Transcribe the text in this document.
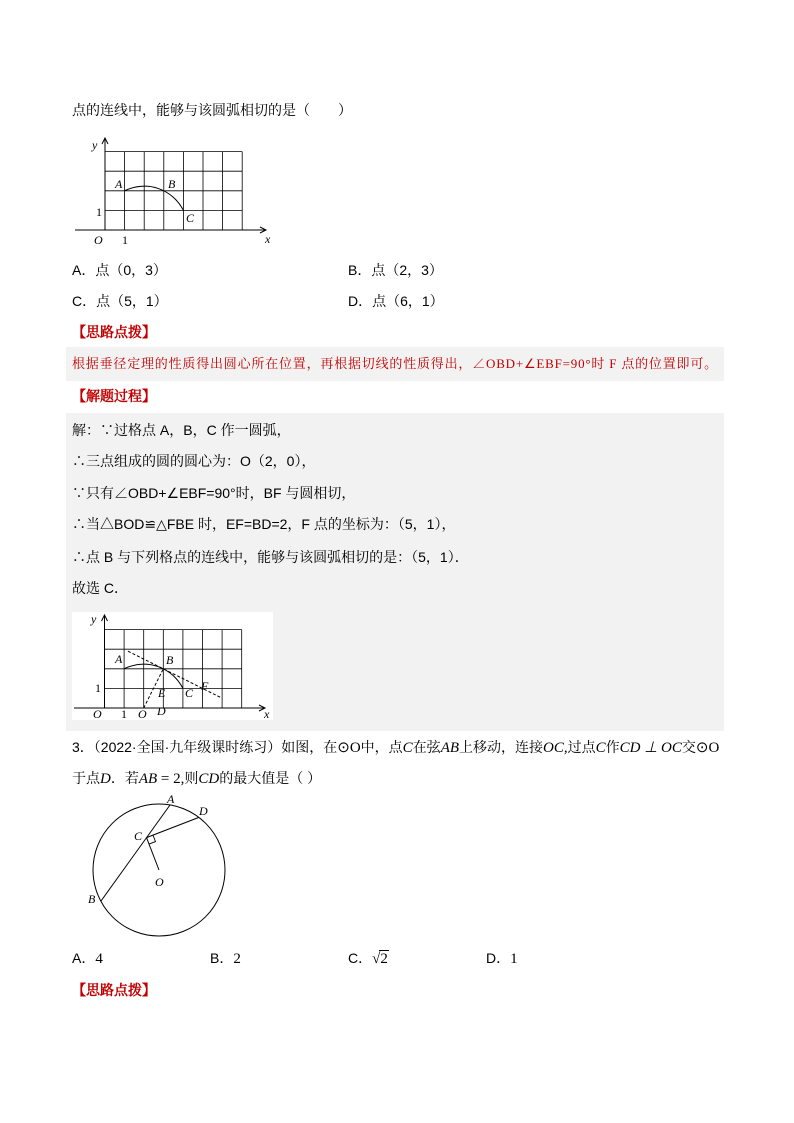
点的连线中，能够与该圆弧相切的是（　　）
y
x
O 1
1
A	B
C
A．点（0，3）	B．点（2，3）
C．点（5，1）	D．点（6，1）
【思路点拨】
根据垂径定理的性质得出圆心所在位置，再根据切线的性质得出，∠OBD+∠EBF=90°时 F 点的位置即可。
【解题过程】
解：∵过格点 A，B，C 作一圆弧，
∴三点组成的圆的圆心为：O（2，0），
∵只有∠OBD+∠EBF=90°时，BF 与圆相切，
∴当△BOD≌△FBE 时，EF=BD=2，F 点的坐标为：（5，1），
∴点 B 与下列格点的连线中，能够与该圆弧相切的是：（5，1）．
故选 C．
y
x
O 1
1
O D
E C F
A	B
3．（2022·全国·九年级课时练习）如图，在⊙O中，点C在弦AB上移动，连接OC,过点C作CD ⊥ OC交⊙O
于点D．若AB = 2,则CD的最大值是（ ）
A
B
C
D
O
A．4	B．2	C．√2	D．1
【思路点拨】
